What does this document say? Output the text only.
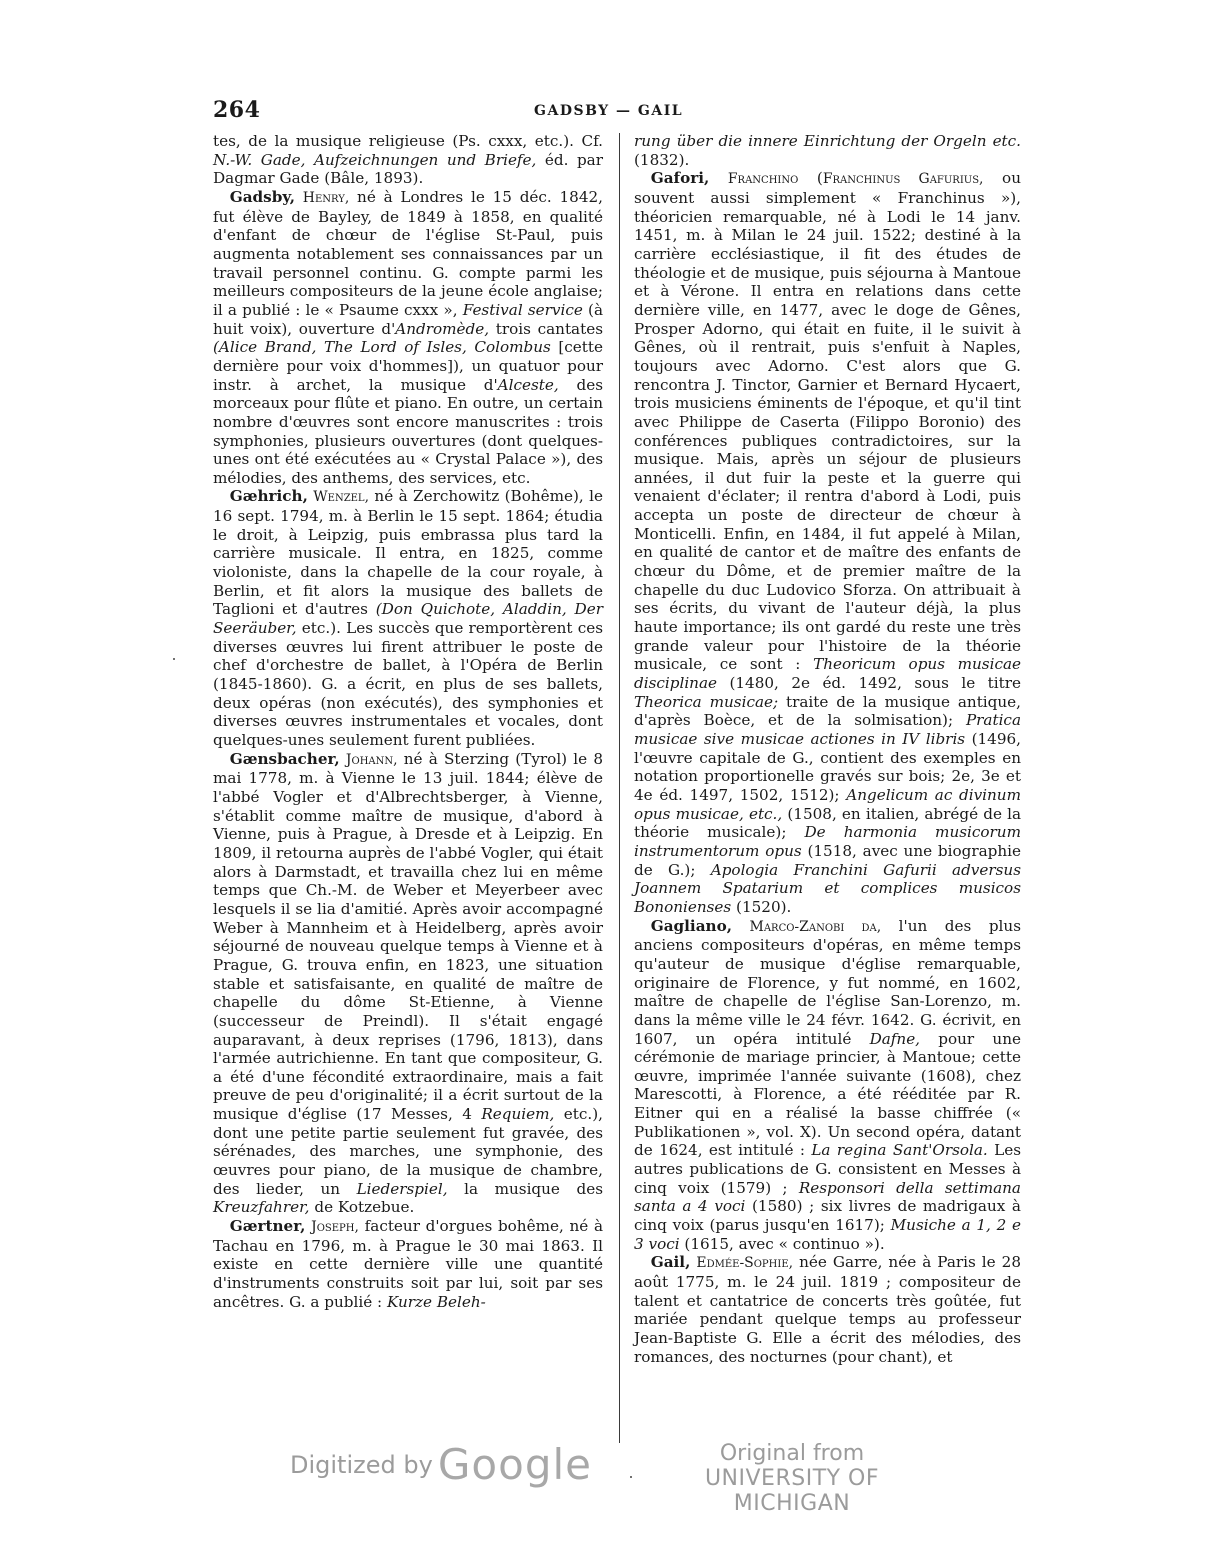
264	GADSBY — GAIL

tes, de la musique religieuse (Ps. cxxx, etc.). Cf. N.-W. Gade, Aufzeichnungen und Briefe, éd. par Dagmar Gade (Bâle, 1893).

Gadsby, Henry, né à Londres le 15 déc. 1842, fut élève de Bayley, de 1849 à 1858, en qualité d'enfant de chœur de l'église St-Paul, puis augmenta notablement ses connaissances par un travail personnel continu. G. compte parmi les meilleurs compositeurs de la jeune école anglaise; il a publié : le « Psaume cxxx », Festival service (à huit voix), ouverture d'Andromède, trois cantates (Alice Brand, The Lord of Isles, Colombus [cette dernière pour voix d'hommes]), un quatuor pour instr. à archet, la musique d'Alceste, des morceaux pour flûte et piano. En outre, un certain nombre d'œuvres sont encore manuscrites : trois symphonies, plusieurs ouvertures (dont quelques-unes ont été exécutées au « Crystal Palace »), des mélodies, des anthems, des services, etc.

Gæhrich, Wenzel, né à Zerchowitz (Bohême), le 16 sept. 1794, m. à Berlin le 15 sept. 1864; étudia le droit, à Leipzig, puis embrassa plus tard la carrière musicale. Il entra, en 1825, comme violoniste, dans la chapelle de la cour royale, à Berlin, et fit alors la musique des ballets de Taglioni et d'autres (Don Quichote, Aladdin, Der Seeräuber, etc.). Les succès que remportèrent ces diverses œuvres lui firent attribuer le poste de chef d'orchestre de ballet, à l'Opéra de Berlin (1845-1860). G. a écrit, en plus de ses ballets, deux opéras (non exécutés), des symphonies et diverses œuvres instrumentales et vocales, dont quelques-unes seulement furent publiées.

Gænsbacher, Johann, né à Sterzing (Tyrol) le 8 mai 1778, m. à Vienne le 13 juil. 1844; élève de l'abbé Vogler et d'Albrechtsberger, à Vienne, s'établit comme maître de musique, d'abord à Vienne, puis à Prague, à Dresde et à Leipzig. En 1809, il retourna auprès de l'abbé Vogler, qui était alors à Darmstadt, et travailla chez lui en même temps que Ch.-M. de Weber et Meyerbeer avec lesquels il se lia d'amitié. Après avoir accompagné Weber à Mannheim et à Heidelberg, après avoir séjourné de nouveau quelque temps à Vienne et à Prague, G. trouva enfin, en 1823, une situation stable et satisfaisante, en qualité de maître de chapelle du dôme St-Etienne, à Vienne (successeur de Preindl). Il s'était engagé auparavant, à deux reprises (1796, 1813), dans l'armée autrichienne. En tant que compositeur, G. a été d'une fécondité extraordinaire, mais a fait preuve de peu d'originalité; il a écrit surtout de la musique d'église (17 Messes, 4 Requiem, etc.), dont une petite partie seulement fut gravée, des sérénades, des marches, une symphonie, des œuvres pour piano, de la musique de chambre, des lieder, un Liederspiel, la musique des Kreuzfahrer, de Kotzebue.

Gærtner, Joseph, facteur d'orgues bohême, né à Tachau en 1796, m. à Prague le 30 mai 1863. Il existe en cette dernière ville une quantité d'instruments construits soit par lui, soit par ses ancêtres. G. a publié : Kurze Beleh-

rung über die innere Einrichtung der Orgeln etc. (1832).

Gafori, Franchino (Franchinus Gafurius, ou souvent aussi simplement « Franchinus »), théoricien remarquable, né à Lodi le 14 janv. 1451, m. à Milan le 24 juil. 1522; destiné à la carrière ecclésiastique, il fit des études de théologie et de musique, puis séjourna à Mantoue et à Vérone. Il entra en relations dans cette dernière ville, en 1477, avec le doge de Gênes, Prosper Adorno, qui était en fuite, il le suivit à Gênes, où il rentrait, puis s'enfuit à Naples, toujours avec Adorno. C'est alors que G. rencontra J. Tinctor, Garnier et Bernard Hycaert, trois musiciens éminents de l'époque, et qu'il tint avec Philippe de Caserta (Filippo Boronio) des conférences publiques contradictoires, sur la musique. Mais, après un séjour de plusieurs années, il dut fuir la peste et la guerre qui venaient d'éclater; il rentra d'abord à Lodi, puis accepta un poste de directeur de chœur à Monticelli. Enfin, en 1484, il fut appelé à Milan, en qualité de cantor et de maître des enfants de chœur du Dôme, et de premier maître de la chapelle du duc Ludovico Sforza. On attribuait à ses écrits, du vivant de l'auteur déjà, la plus haute importance; ils ont gardé du reste une très grande valeur pour l'histoire de la théorie musicale, ce sont : Theoricum opus musicae disciplinae (1480, 2e éd. 1492, sous le titre Theorica musicae; traite de la musique antique, d'après Boèce, et de la solmisation); Pratica musicae sive musicae actiones in IV libris (1496, l'œuvre capitale de G., contient des exemples en notation proportionelle gravés sur bois; 2e, 3e et 4e éd. 1497, 1502, 1512); Angelicum ac divinum opus musicae, etc., (1508, en italien, abrégé de la théorie musicale); De harmonia musicorum instrumentorum opus (1518, avec une biographie de G.); Apologia Franchini Gafurii adversus Joannem Spatarium et complices musicos Bononienses (1520).

Gagliano, Marco-Zanobi da, l'un des plus anciens compositeurs d'opéras, en même temps qu'auteur de musique d'église remarquable, originaire de Florence, y fut nommé, en 1602, maître de chapelle de l'église San-Lorenzo, m. dans la même ville le 24 févr. 1642. G. écrivit, en 1607, un opéra intitulé Dafne, pour une cérémonie de mariage princier, à Mantoue; cette œuvre, imprimée l'année suivante (1608), chez Marescotti, à Florence, a été rééditée par R. Eitner qui en a réalisé la basse chiffrée (« Publikationen », vol. X). Un second opéra, datant de 1624, est intitulé : La regina Sant'Orsola. Les autres publications de G. consistent en Messes à cinq voix (1579) ; Responsori della settimana santa a 4 voci (1580) ; six livres de madrigaux à cinq voix (parus jusqu'en 1617); Musiche a 1, 2 e 3 voci (1615, avec « continuo »).

Gail, Edmée-Sophie, née Garre, née à Paris le 28 août 1775, m. le 24 juil. 1819 ; compositeur de talent et cantatrice de concerts très goûtée, fut mariée pendant quelque temps au professeur Jean-Baptiste G. Elle a écrit des mélodies, des romances, des nocturnes (pour chant), et

Digitized by Google	Original from
UNIVERSITY OF MICHIGAN
